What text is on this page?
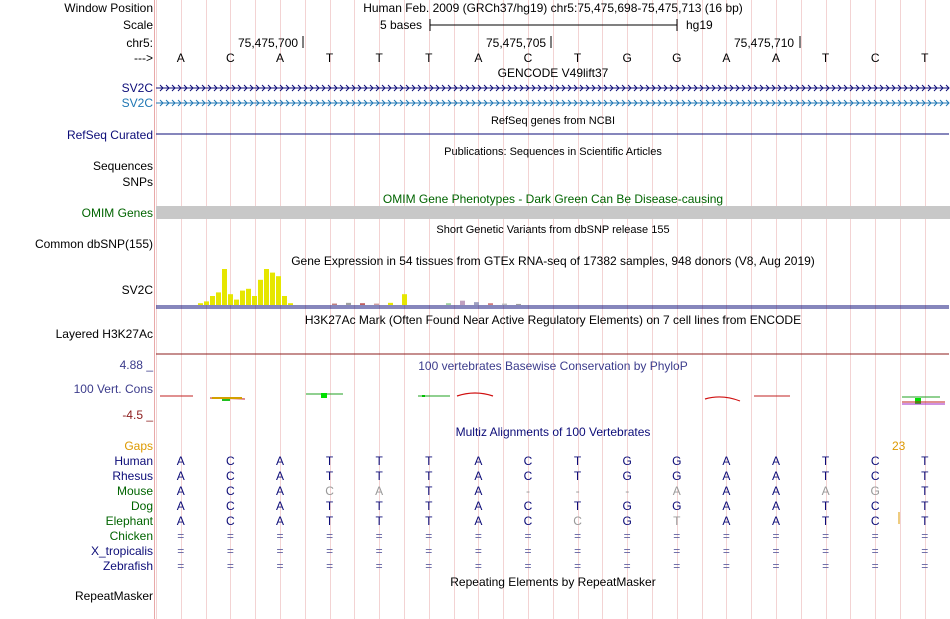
Window Position	Human Feb. 2009 (GRCh37/hg19) chr5:75,475,698-75,475,713 (16 bp)
Scale	5 bases	hg19
chr5:	75,475,700	75,475,705	75,475,710
--->	A	C	A	T	T	T	A	C	T	G	G	A	A	T	C	T
GENCODE V49lift37
SV2C
SV2C
RefSeq genes from NCBI
RefSeq Curated
Publications: Sequences in Scientific Articles
Sequences
SNPs
OMIM Gene Phenotypes - Dark Green Can Be Disease-causing
OMIM Genes
Short Genetic Variants from dbSNP release 155
Common dbSNP(155)
Gene Expression in 54 tissues from GTEx RNA-seq of 17382 samples, 948 donors (V8, Aug 2019)
SV2C
H3K27Ac Mark (Often Found Near Active Regulatory Elements) on 7 cell lines from ENCODE
Layered H3K27Ac
100 vertebrates Basewise Conservation by PhyloP
4.88 _
100 Vert. Cons
-4.5 _
Multiz Alignments of 100 Vertebrates
Gaps	23
Human	A	C	A	T	T	T	A	C	T	G	G	A	A	T	C	T
Rhesus	A	C	A	T	T	T	A	C	T	G	G	A	A	T	C	T
Mouse	A	C	A	C	A	T	A	-	-	-	A	A	A	A	G	T
Dog	A	C	A	T	T	T	A	C	T	G	G	A	A	T	C	T
Elephant	A	C	A	T	T	T	A	C	C	G	T	A	A	T	C	T
Chicken	=	=	=	=	=	=	=	=	=	=	=	=	=	=	=	=
X_tropicalis	=	=	=	=	=	=	=	=	=	=	=	=	=	=	=	=
Zebrafish	=	=	=	=	=	=	=	=	=	=	=	=	=	=	=	=
Repeating Elements by RepeatMasker
RepeatMasker
